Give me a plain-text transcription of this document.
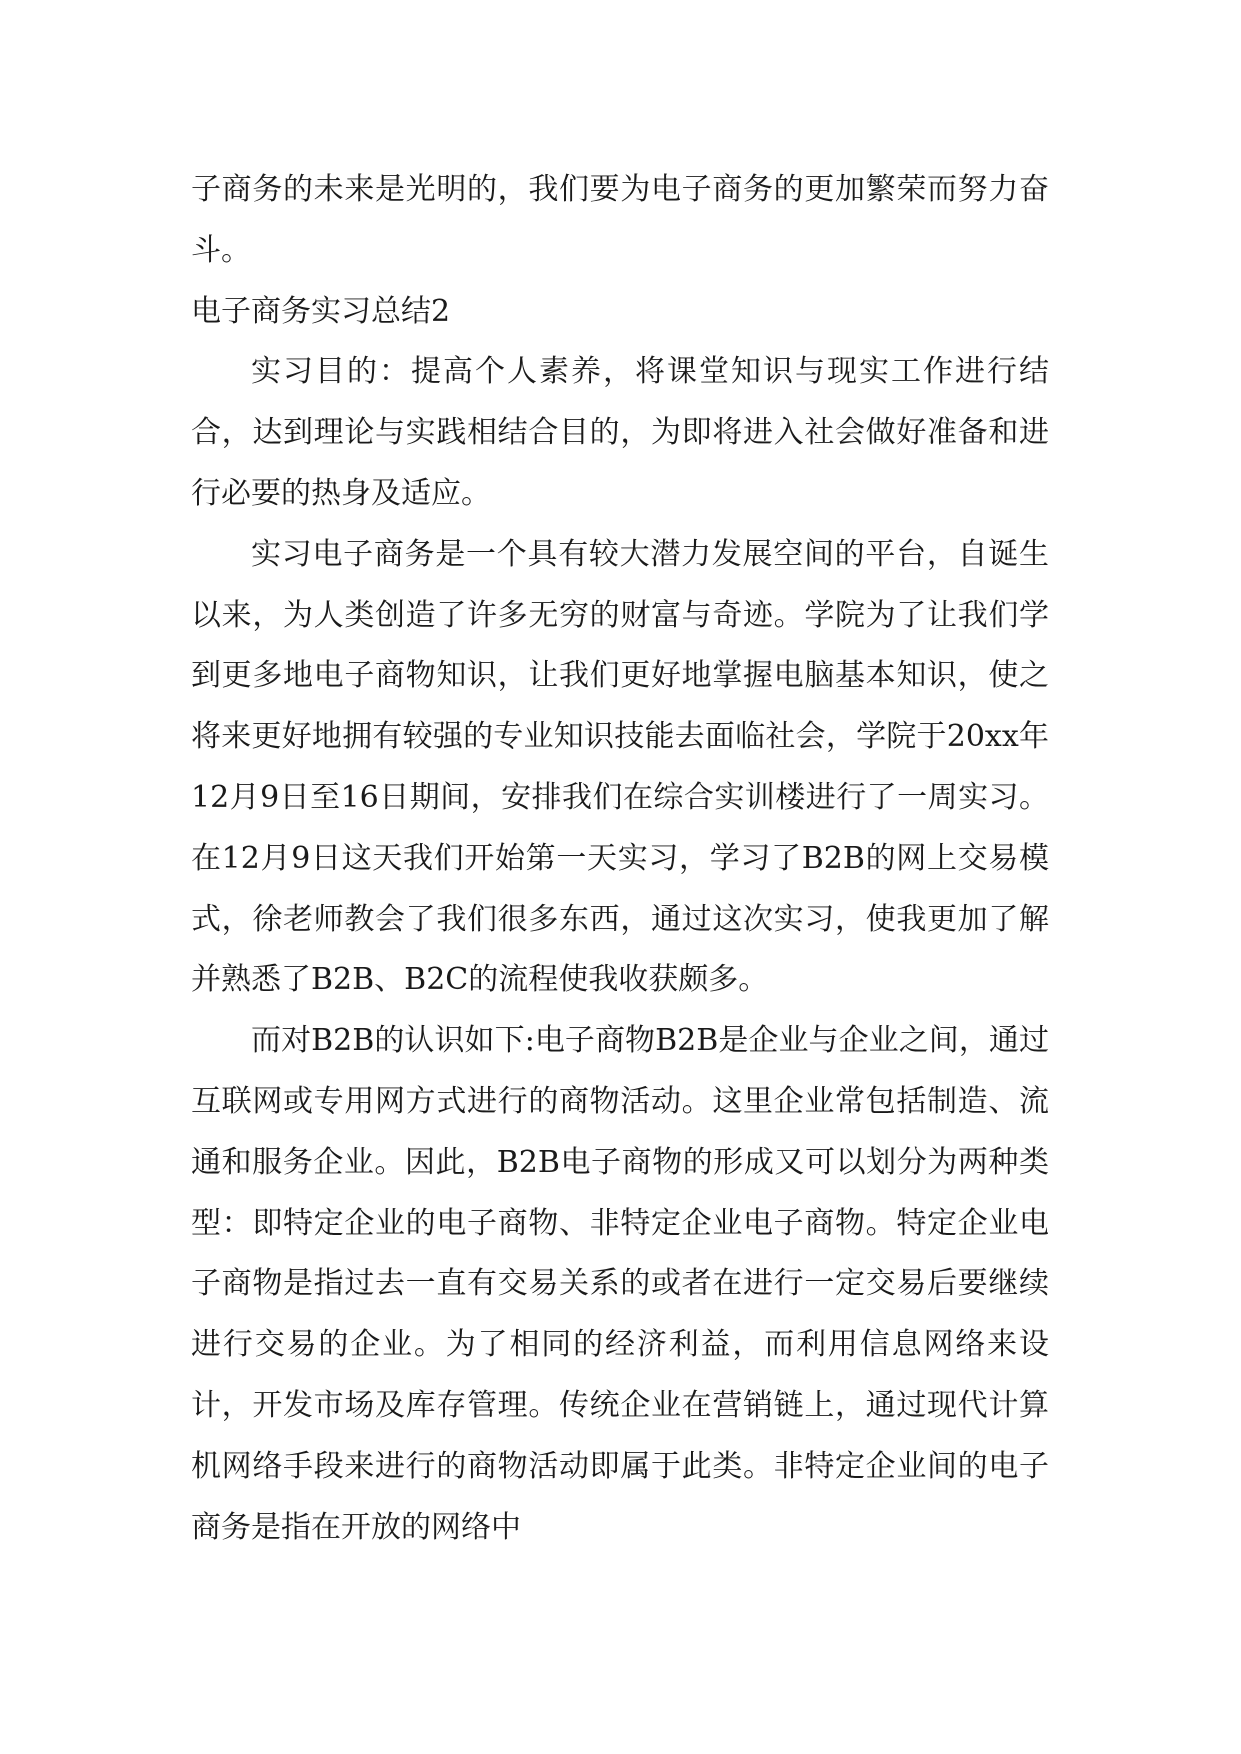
子商务的未来是光明的，我们要为电子商务的更加繁荣而努力奋斗。

电子商务实习总结2

实习目的：提高个人素养，将课堂知识与现实工作进行结合，达到理论与实践相结合目的，为即将进入社会做好准备和进行必要的热身及适应。

实习电子商务是一个具有较大潜力发展空间的平台，自诞生以来，为人类创造了许多无穷的财富与奇迹。学院为了让我们学到更多地电子商物知识，让我们更好地掌握电脑基本知识，使之将来更好地拥有较强的专业知识技能去面临社会，学院于20xx年12月9日至16日期间，安排我们在综合实训楼进行了一周实习。在12月9日这天我们开始第一天实习，学习了B2B的网上交易模式，徐老师教会了我们很多东西，通过这次实习，使我更加了解并熟悉了B2B、B2C的流程使我收获颇多。

而对B2B的认识如下:电子商物B2B是企业与企业之间，通过互联网或专用网方式进行的商物活动。这里企业常包括制造、流通和服务企业。因此，B2B电子商物的形成又可以划分为两种类型：即特定企业的电子商物、非特定企业电子商物。特定企业电子商物是指过去一直有交易关系的或者在进行一定交易后要继续进行交易的企业。为了相同的经济利益，而利用信息网络来设计，开发市场及库存管理。传统企业在营销链上，通过现代计算机网络手段来进行的商物活动即属于此类。非特定企业间的电子商务是指在开放的网络中
